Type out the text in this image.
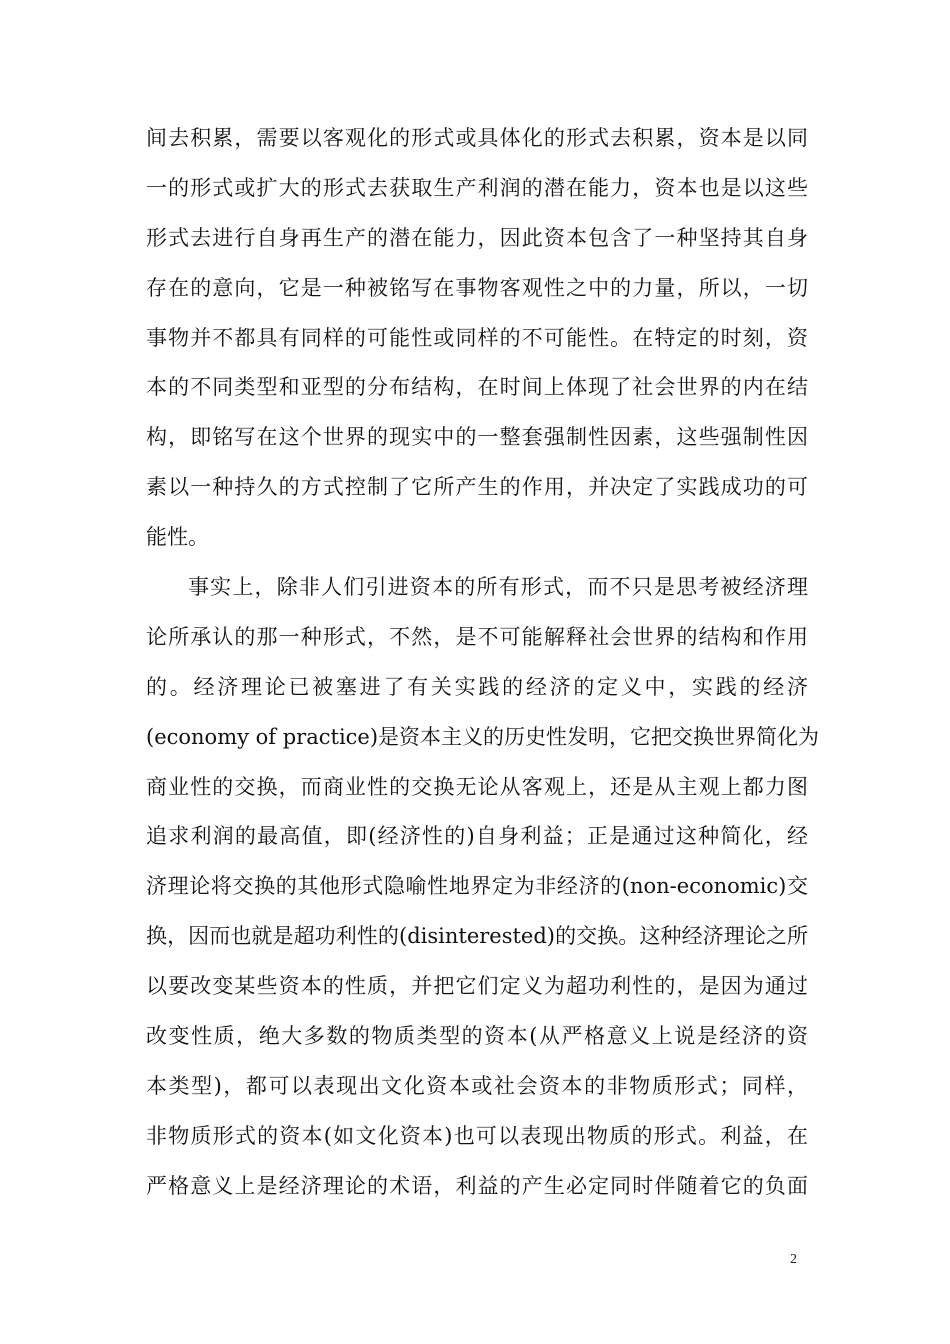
间去积累，需要以客观化的形式或具体化的形式去积累，资本是以同
一的形式或扩大的形式去获取生产利润的潜在能力，资本也是以这些
形式去进行自身再生产的潜在能力，因此资本包含了一种坚持其自身
存在的意向，它是一种被铭写在事物客观性之中的力量，所以，一切
事物并不都具有同样的可能性或同样的不可能性。在特定的时刻，资
本的不同类型和亚型的分布结构，在时间上体现了社会世界的内在结
构，即铭写在这个世界的现实中的一整套强制性因素，这些强制性因
素以一种持久的方式控制了它所产生的作用，并决定了实践成功的可
能性。
事实上，除非人们引进资本的所有形式，而不只是思考被经济理
论所承认的那一种形式，不然，是不可能解释社会世界的结构和作用
的。经济理论已被塞进了有关实践的经济的定义中，实践的经济
(economy of practice)是资本主义的历史性发明，它把交换世界简化为
商业性的交换，而商业性的交换无论从客观上，还是从主观上都力图
追求利润的最高值，即(经济性的)自身利益；正是通过这种简化，经
济理论将交换的其他形式隐喻性地界定为非经济的(non-economic)交
换，因而也就是超功利性的(disinterested)的交换。这种经济理论之所
以要改变某些资本的性质，并把它们定义为超功利性的，是因为通过
改变性质，绝大多数的物质类型的资本(从严格意义上说是经济的资
本类型)，都可以表现出文化资本或社会资本的非物质形式；同样，
非物质形式的资本(如文化资本)也可以表现出物质的形式。利益，在
严格意义上是经济理论的术语，利益的产生必定同时伴随着它的负面
2
